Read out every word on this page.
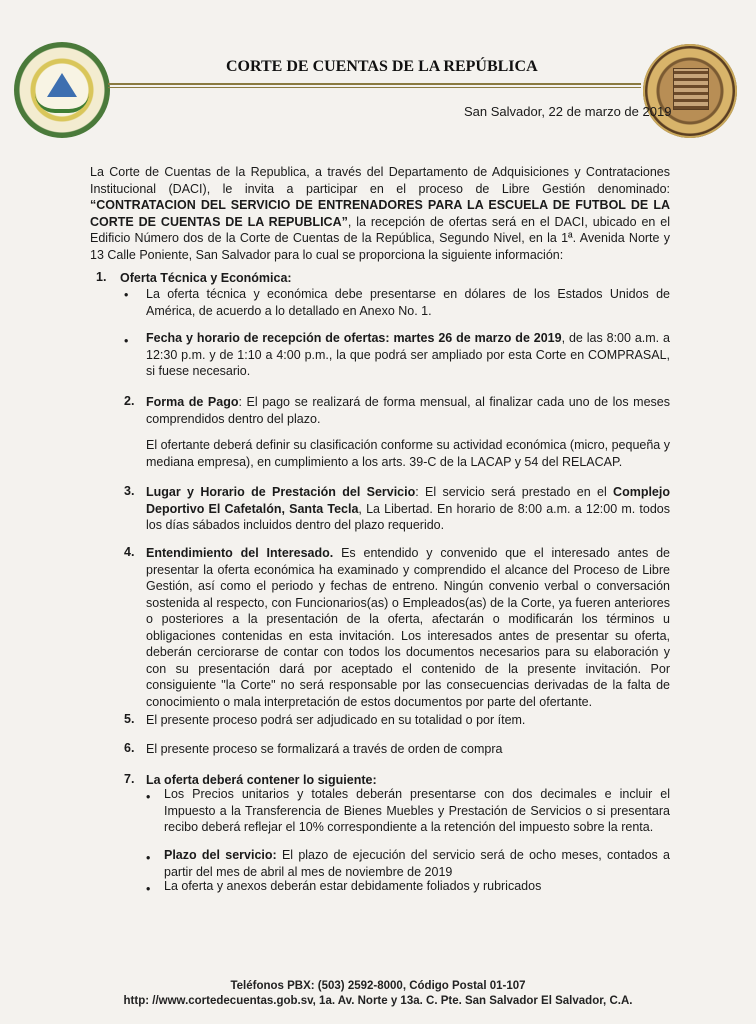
CORTE DE CUENTAS DE LA REPÚBLICA
San Salvador, 22 de marzo de 2019
La Corte de Cuentas de la Republica, a través del Departamento de Adquisiciones y Contrataciones Institucional (DACI), le invita a participar en el proceso de Libre Gestión denominado: “CONTRATACION DEL SERVICIO DE ENTRENADORES PARA LA ESCUELA DE FUTBOL DE LA CORTE DE CUENTAS DE LA REPUBLICA”, la recepción de ofertas será en el DACI, ubicado en el Edificio Número dos de la Corte de Cuentas de la República, Segundo Nivel, en la 1ª. Avenida Norte y 13 Calle Poniente, San Salvador para lo cual se proporciona la siguiente información:
1. Oferta Técnica y Económica:
• La oferta técnica y económica debe presentarse en dólares de los Estados Unidos de América, de acuerdo a lo detallado en Anexo No. 1.
• Fecha y horario de recepción de ofertas: martes 26 de marzo de 2019, de las 8:00 a.m. a 12:30 p.m. y de 1:10 a 4:00 p.m., la que podrá ser ampliado por esta Corte en COMPRASAL, si fuese necesario.
2. Forma de Pago: El pago se realizará de forma mensual, al finalizar cada uno de los meses comprendidos dentro del plazo.
El ofertante deberá definir su clasificación conforme su actividad económica (micro, pequeña y mediana empresa), en cumplimiento a los arts. 39-C de la LACAP y 54 del RELACAP.
3. Lugar y Horario de Prestación del Servicio: El servicio será prestado en el Complejo Deportivo El Cafetalón, Santa Tecla, La Libertad. En horario de 8:00 a.m. a 12:00 m. todos los días sábados incluidos dentro del plazo requerido.
4. Entendimiento del Interesado. Es entendido y convenido que el interesado antes de presentar la oferta económica ha examinado y comprendido el alcance del Proceso de Libre Gestión, así como el periodo y fechas de entreno. Ningún convenio verbal o conversación sostenida al respecto, con Funcionarios(as) o Empleados(as) de la Corte, ya fueren anteriores o posteriores a la presentación de la oferta, afectarán o modificarán los términos u obligaciones contenidas en esta invitación. Los interesados antes de presentar su oferta, deberán cerciorarse de contar con todos los documentos necesarios para su elaboración y con su presentación dará por aceptado el contenido de la presente invitación. Por consiguiente "la Corte" no será responsable por las consecuencias derivadas de la falta de conocimiento o mala interpretación de estos documentos por parte del ofertante.
5. El presente proceso podrá ser adjudicado en su totalidad o por ítem.
6. El presente proceso se formalizará a través de orden de compra
7. La oferta deberá contener lo siguiente:
• Los Precios unitarios y totales deberán presentarse con dos decimales e incluir el Impuesto a la Transferencia de Bienes Muebles y Prestación de Servicios o si presentara recibo deberá reflejar el 10% correspondiente a la retención del impuesto sobre la renta.
• Plazo del servicio: El plazo de ejecución del servicio será de ocho meses, contados a partir del mes de abril al mes de noviembre de 2019
• La oferta y anexos deberán estar debidamente foliados y rubricados
Teléfonos PBX: (503) 2592-8000, Código Postal 01-107
http: //www.cortedecuentas.gob.sv, 1a. Av. Norte y 13a. C. Pte. San Salvador El Salvador, C.A.
